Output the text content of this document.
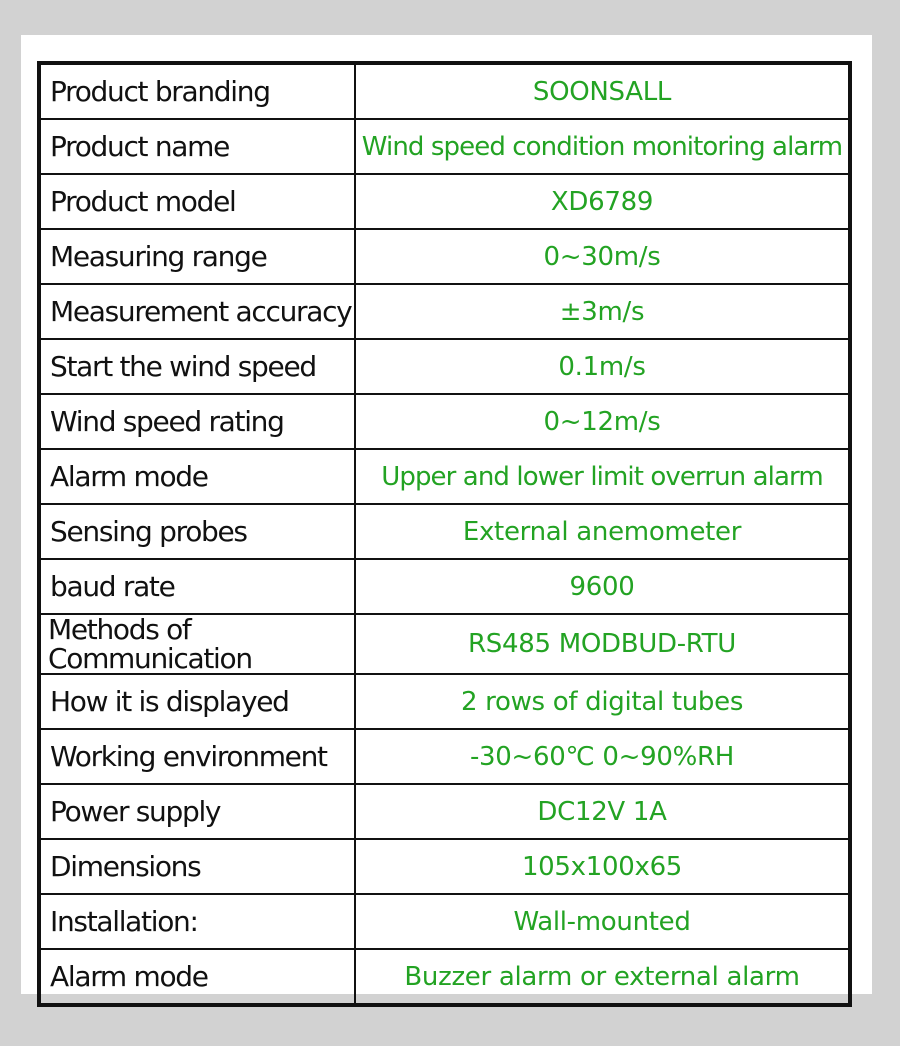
Product branding	SOONSALL
Product name	Wind speed condition monitoring alarm
Product model	XD6789
Measuring range	0~30m/s
Measurement accuracy	±3m/s
Start the wind speed	0.1m/s
Wind speed rating	0~12m/s
Alarm mode	Upper and lower limit overrun alarm
Sensing probes	External anemometer
baud rate	9600
Methods of Communication	RS485 MODBUD-RTU
How it is displayed	2 rows of digital tubes
Working environment	-30~60℃ 0~90%RH
Power supply	DC12V 1A
Dimensions	105x100x65
Installation:	Wall-mounted
Alarm mode	Buzzer alarm or external alarm
